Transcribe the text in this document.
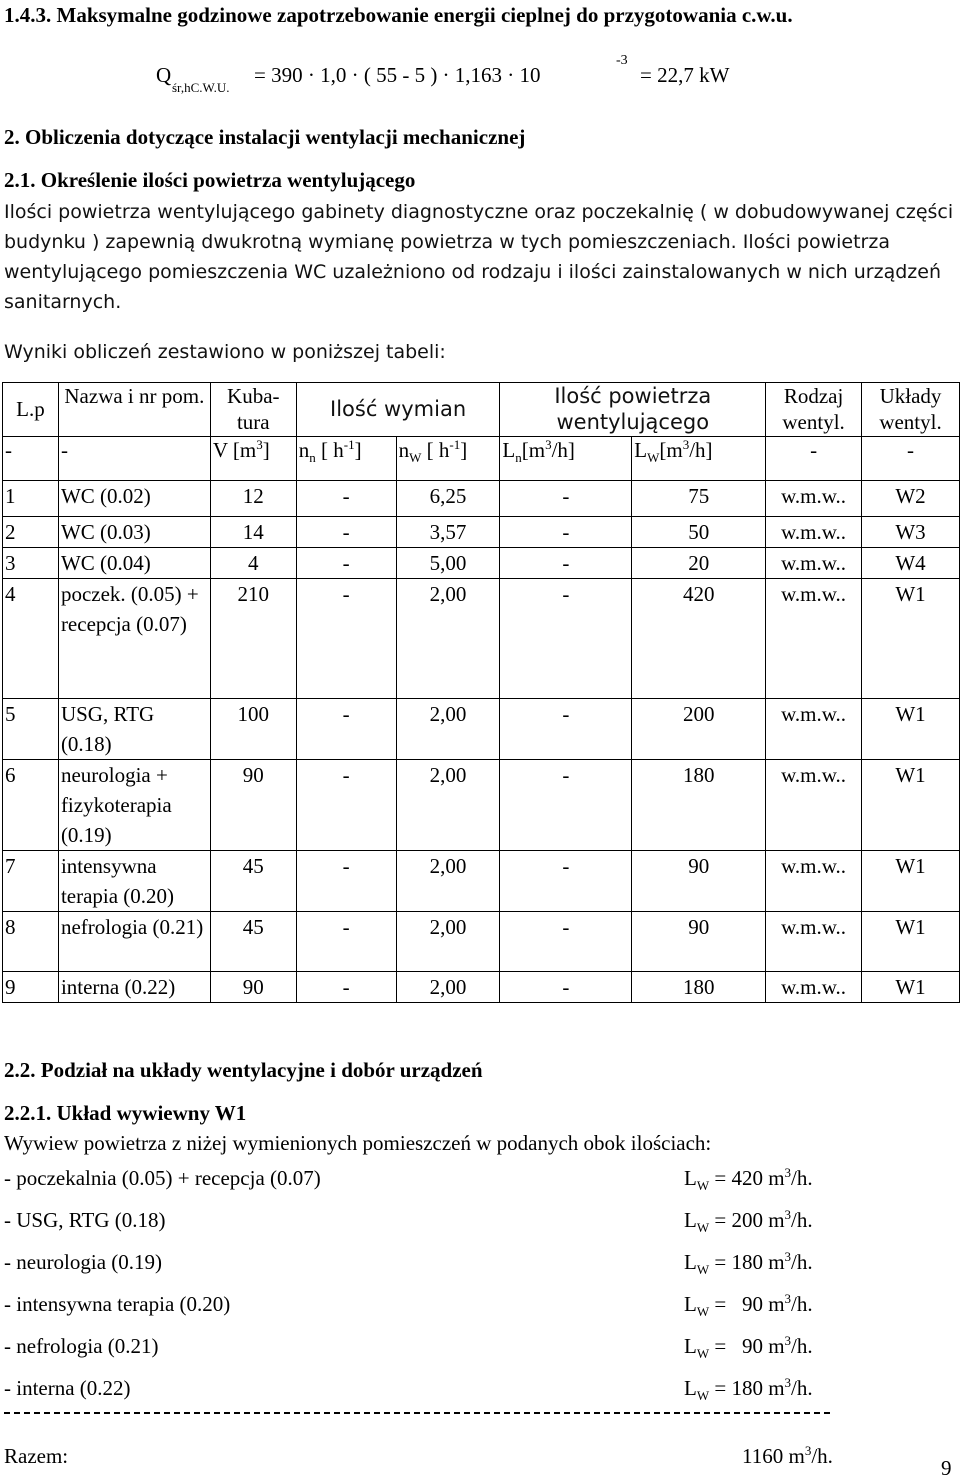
1.4.3. Maksymalne godzinowe zapotrzebowanie energii cieplnej do przygotowania c.w.u.
Q
śr,hC.W.U.
= 390 · 1,0 · ( 55 - 5 ) · 1,163 · 10
-3
= 22,7 kW
2. Obliczenia dotyczące instalacji wentylacji mechanicznej
2.1. Określenie ilości powietrza wentylującego
Ilości powietrza wentylującego gabinety diagnostyczne oraz poczekalnię ( w dobudowywanej części budynku ) zapewnią dwukrotną wymianę powietrza w tych pomieszczeniach. Ilości powietrza wentylującego pomieszczenia WC uzależniono od rodzaju i ilości zainstalowanych w nich urządzeń sanitarnych.
Wyniki obliczeń zestawiono w poniższej tabeli:
L.p	Nazwa i nr pom.	Kuba- tura	Ilość wymian		Ilość powietrza wentylującego		Rodzaj wentyl.	Układy wentyl.
-	-	V $[m^3]$	$n_n$ [ $h^{-1}$]	$n_W$ [ $h^{-1}$]	$L_n[m^3/h]$	$L_W[m^3/h]$	-	-
1	WC (0.02)	12	-	6,25	-	75	w.m.w..	W2
2	WC (0.03)	14	-	3,57	-	50	w.m.w..	W3
3	WC (0.04)	4	-	5,00	-	20	w.m.w..	W4
4	poczek. (0.05) + recepcja (0.07)	210	-	2,00	-	420	w.m.w..	W1
5	USG, RTG (0.18)	100	-	2,00	-	200	w.m.w..	W1
6	neurologia + fizykoterapia (0.19)	90	-	2,00	-	180	w.m.w..	W1
7	intensywna terapia (0.20)	45	-	2,00	-	90	w.m.w..	W1
8	nefrologia (0.21)	45	-	2,00	-	90	w.m.w..	W1
9	interna (0.22)	90	-	2,00	-	180	w.m.w..	W1
2.2. Podział na układy wentylacyjne i dobór urządzeń
2.2.1. Układ wywiewny W1
Wywiew powietrza z niżej wymienionych pomieszczeń w podanych obok ilościach:
- poczekalnia (0.05) + recepcja (0.07)	$L_W = 420$ $m^3/h$.
- USG, RTG (0.18)	$L_W = 200$ $m^3/h$.
- neurologia (0.19)	$L_W = 180$ $m^3/h$.
- intensywna terapia (0.20)	$L_W = 90$ $m^3/h$.
- nefrologia (0.21)	$L_W = 90$ $m^3/h$.
- interna (0.22)	$L_W = 180$ $m^3/h$.
Razem:	1160 $m^3/h$.	9
